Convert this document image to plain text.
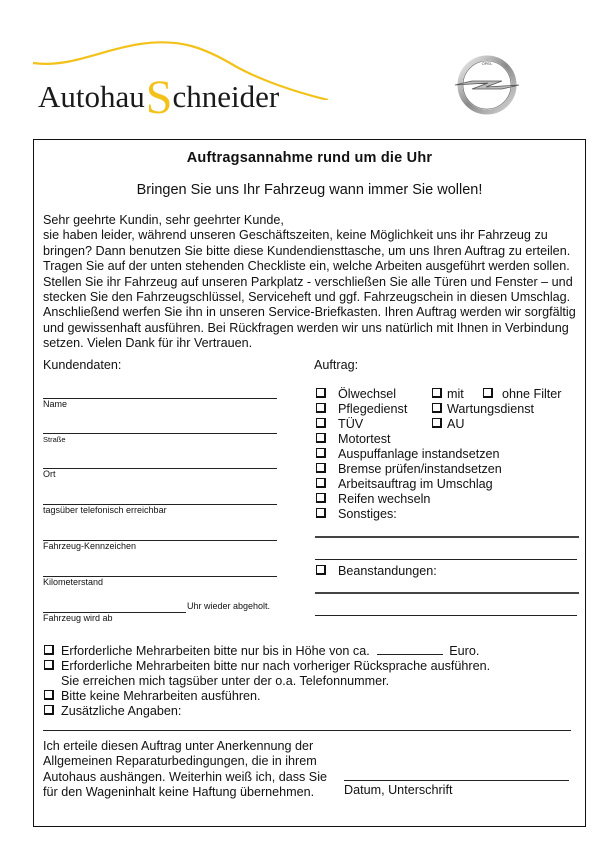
AutohauSchneider
OPEL
Auftragsannahme rund um die Uhr
Bringen Sie uns Ihr Fahrzeug wann immer Sie wollen!

Sehr geehrte Kundin, sehr geehrter Kunde,

sie haben leider, während unseren Geschäftszeiten, keine Möglichkeit uns ihr Fahrzeug zu bringen? Dann benutzen Sie bitte diese Kundendiensttasche, um uns Ihren Auftrag zu erteilen. Tragen Sie auf der unten stehenden Checkliste ein, welche Arbeiten ausgeführt werden sollen. Stellen Sie ihr Fahrzeug auf unseren Parkplatz - verschließen Sie alle Türen und Fenster – und stecken Sie den Fahrzeugschlüssel, Serviceheft und ggf. Fahrzeugschein in diesen Umschlag. Anschließend werfen Sie ihn in unseren Service-Briefkasten. Ihren Auftrag werden wir sorgfältig und gewissenhaft ausführen. Bei Rückfragen werden wir uns natürlich mit Ihnen in Verbindung setzen. Vielen Dank für ihr Vertrauen.

Kundendaten:
Name
Straße
Ort
tagsüber telefonisch erreichbar
Fahrzeug-Kennzeichen
Kilometerstand
Fahrzeug wird ab
Uhr wieder abgeholt.
Auftrag:
Ölwechsel	mit	ohne Filter
Pflegedienst	Wartungsdienst
TÜV	AU
Motortest
Auspuffanlage instandsetzen
Bremse prüfen/instandsetzen
Arbeitsauftrag im Umschlag
Reifen wechseln
Sonstiges:
Beanstandungen:
Erforderliche Mehrarbeiten bitte nur bis in Höhe von ca.	Euro.
Erforderliche Mehrarbeiten bitte nur nach vorheriger Rücksprache ausführen.
Sie erreichen mich tagsüber unter der o.a. Telefonnummer.
Bitte keine Mehrarbeiten ausführen.
Zusätzliche Angaben:
Ich erteile diesen Auftrag unter Anerkennung der Allgemeinen Reparaturbedingungen, die in ihrem Autohaus aushängen. Weiterhin weiß ich, dass Sie für den Wageninhalt keine Haftung übernehmen.	Datum, Unterschrift
